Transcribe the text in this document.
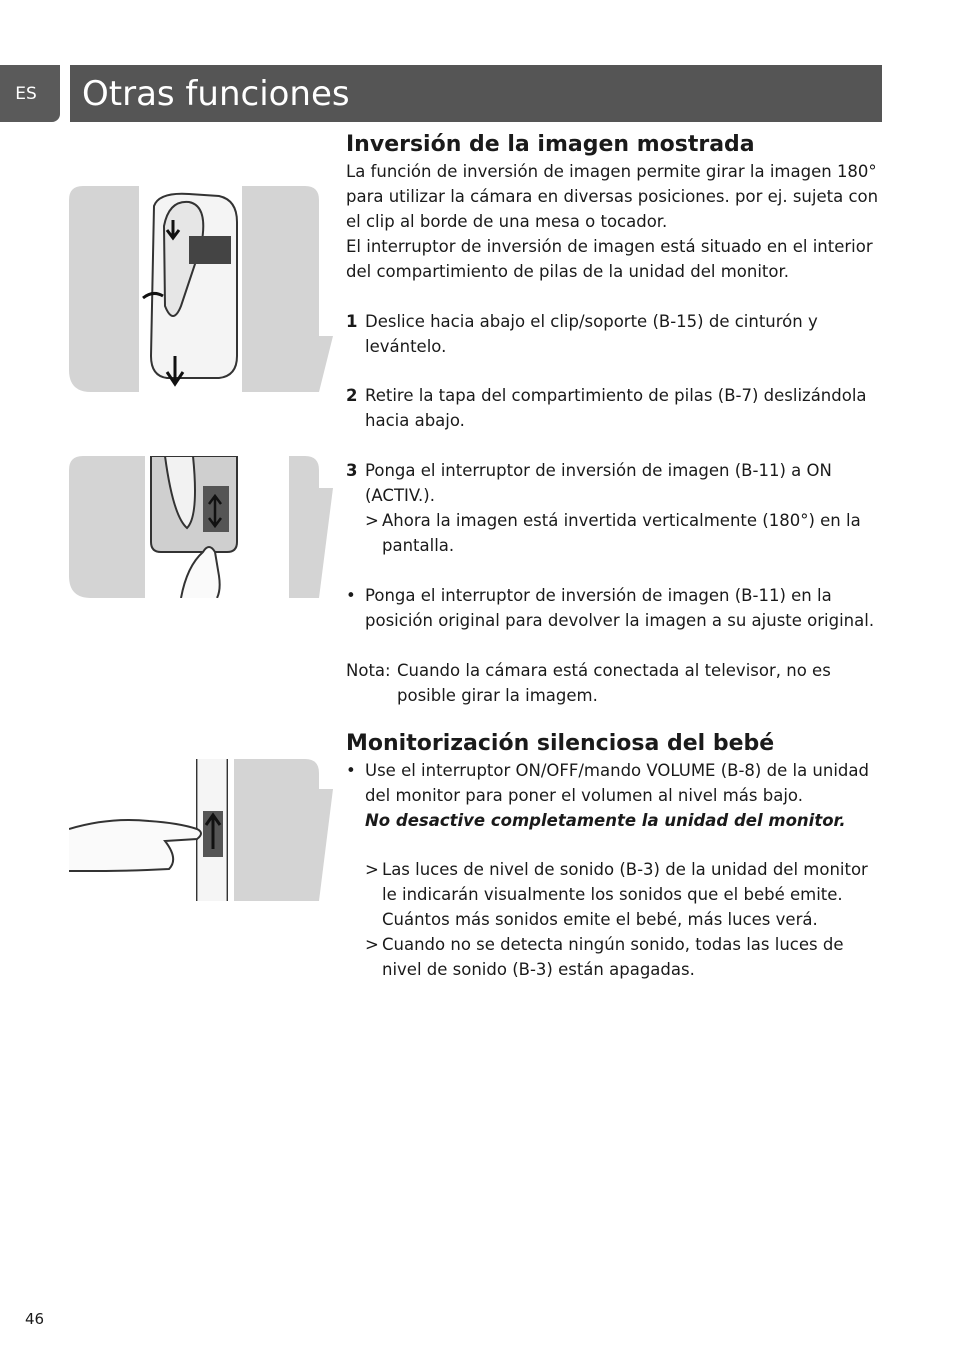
ES	Otras funciones
Inversión de la imagen mostrada

La función de inversión de imagen permite girar la imagen 180° para utilizar la cámara en diversas posiciones. por ej. sujeta con el clip al borde de una mesa o tocador.

El interruptor de inversión de imagen está situado en el interior del compartimiento de pilas de la unidad del monitor.

1 Deslice hacia abajo el clip/soporte (B-15) de cinturón y levántelo.
2 Retire la tapa del compartimiento de pilas (B-7) deslizándola hacia abajo.
3 Ponga el interruptor de inversión de imagen (B-11) a ON (ACTIV.).
> Ahora la imagen está invertida verticalmente (180°) en la pantalla.
• Ponga el interruptor de inversión de imagen (B-11) en la posición original para devolver la imagen a su ajuste original.
Nota: Cuando la cámara está conectada al televisor, no es posible girar la imagem.
Monitorización silenciosa del bebé
• Use el interruptor ON/OFF/mando VOLUME (B-8) de la unidad del monitor para poner el volumen al nivel más bajo.
No desactive completamente la unidad del monitor.
> Las luces de nivel de sonido (B-3) de la unidad del monitor le indicarán visualmente los sonidos que el bebé emite. Cuántos más sonidos emite el bebé, más luces verá.
> Cuando no se detecta ningún sonido, todas las luces de nivel de sonido (B-3) están apagadas.
46
